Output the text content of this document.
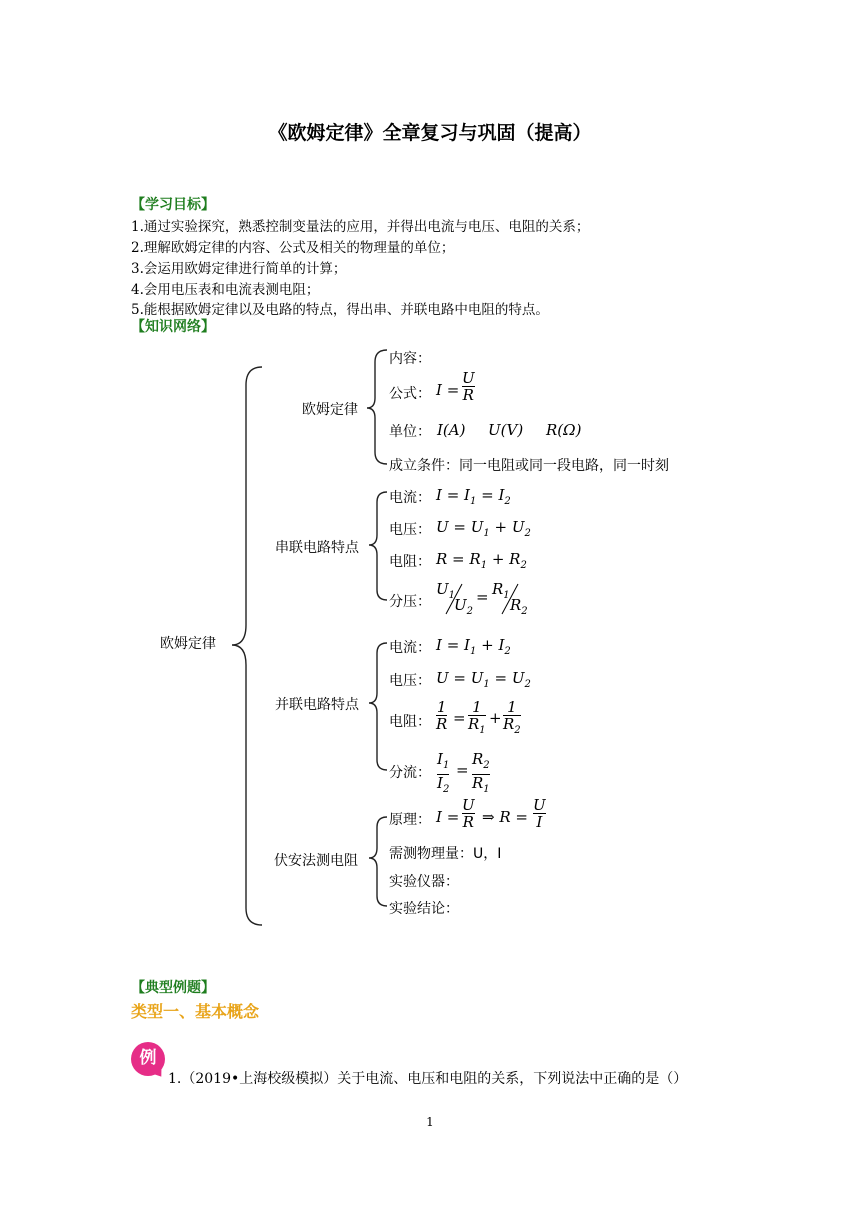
《欧姆定律》全章复习与巩固（提高）
【学习目标】
1.通过实验探究，熟悉控制变量法的应用，并得出电流与电压、电阻的关系；
2.理解欧姆定律的内容、公式及相关的物理量的单位；
3.会运用欧姆定律进行简单的计算；
4.会用电压表和电流表测电阻；
5.能根据欧姆定律以及电路的特点，得出串、并联电路中电阻的特点。
【知识网络】
欧姆定律
欧姆定律
内容：
公式： $I = \frac{U}{R}$
单位： I(A) U(V) R(Ω)
成立条件：同一电阻或同一段电路，同一时刻
串联电路特点
电流： $I = I_1 = I_2$
电压： $U = U_1 + U_2$
电阻： $R = R_1 + R_2$
分压：
$U_1$
$U_2$
= $R_1$
$R_2$
并联电路特点
电流： $I = I_1 + I_2$
电压： $U = U_1 = U_2$
电阻： $\frac{1}{R} = \frac{1}{R_1} + \frac{1}{R_2}$
分流： $\frac{I_1}{I_2} = \frac{R_2}{R_1}$
伏安法测电阻
原理： $I = \frac{U}{R}$ ⇒ $R = \frac{U}{I}$
需测物理量：U，I
实验仪器：
实验结论：
【典型例题】
类型一、基本概念
例
1.（2019•上海校级模拟）关于电流、电压和电阻的关系，下列说法中正确的是（）
1
